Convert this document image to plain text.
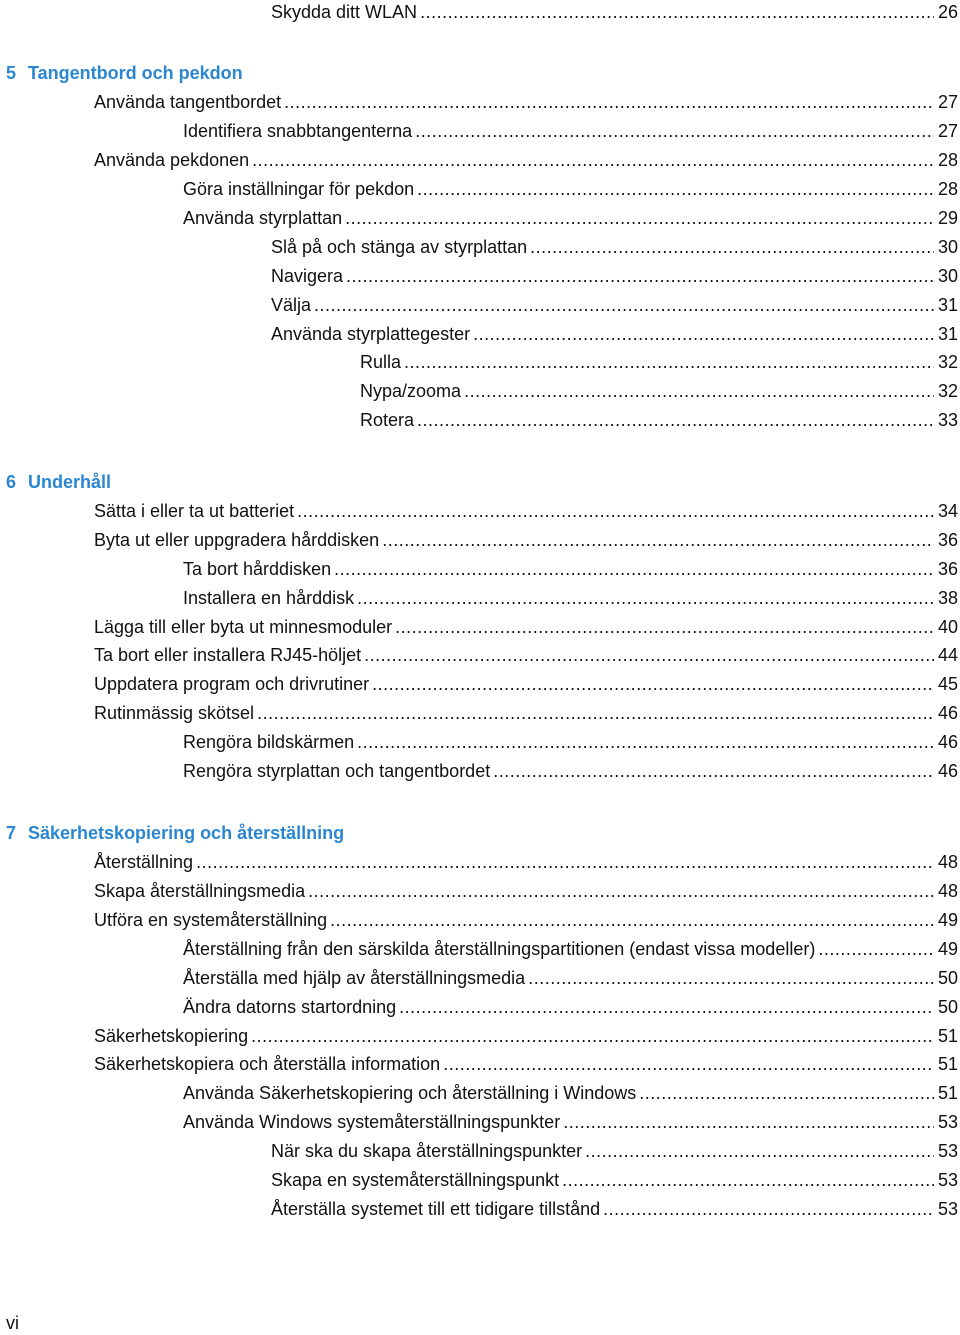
Skydda ditt WLAN .....	26
5 Tangentbord och pekdon
Använda tangentbordet .....	27
Identifiera snabbtangenterna .....	27
Använda pekdonen .....	28
Göra inställningar för pekdon .....	28
Använda styrplattan .....	29
Slå på och stänga av styrplattan .....	30
Navigera .....	30
Välja .....	31
Använda styrplattegester .....	31
Rulla .....	32
Nypa/zooma .....	32
Rotera .....	33
6 Underhåll
Sätta i eller ta ut batteriet .....	34
Byta ut eller uppgradera hårddisken .....	36
Ta bort hårddisken .....	36
Installera en hårddisk .....	38
Lägga till eller byta ut minnesmoduler .....	40
Ta bort eller installera RJ45-höljet .....	44
Uppdatera program och drivrutiner .....	45
Rutinmässig skötsel .....	46
Rengöra bildskärmen .....	46
Rengöra styrplattan och tangentbordet .....	46
7 Säkerhetskopiering och återställning
Återställning .....	48
Skapa återställningsmedia .....	48
Utföra en systemåterställning .....	49
Återställning från den särskilda återställningspartitionen (endast vissa modeller) .....	49
Återställa med hjälp av återställningsmedia .....	50
Ändra datorns startordning .....	50
Säkerhetskopiering .....	51
Säkerhetskopiera och återställa information .....	51
Använda Säkerhetskopiering och återställning i Windows .....	51
Använda Windows systemåterställningspunkter .....	53
När ska du skapa återställningspunkter .....	53
Skapa en systemåterställningspunkt .....	53
Återställa systemet till ett tidigare tillstånd .....	53
vi
